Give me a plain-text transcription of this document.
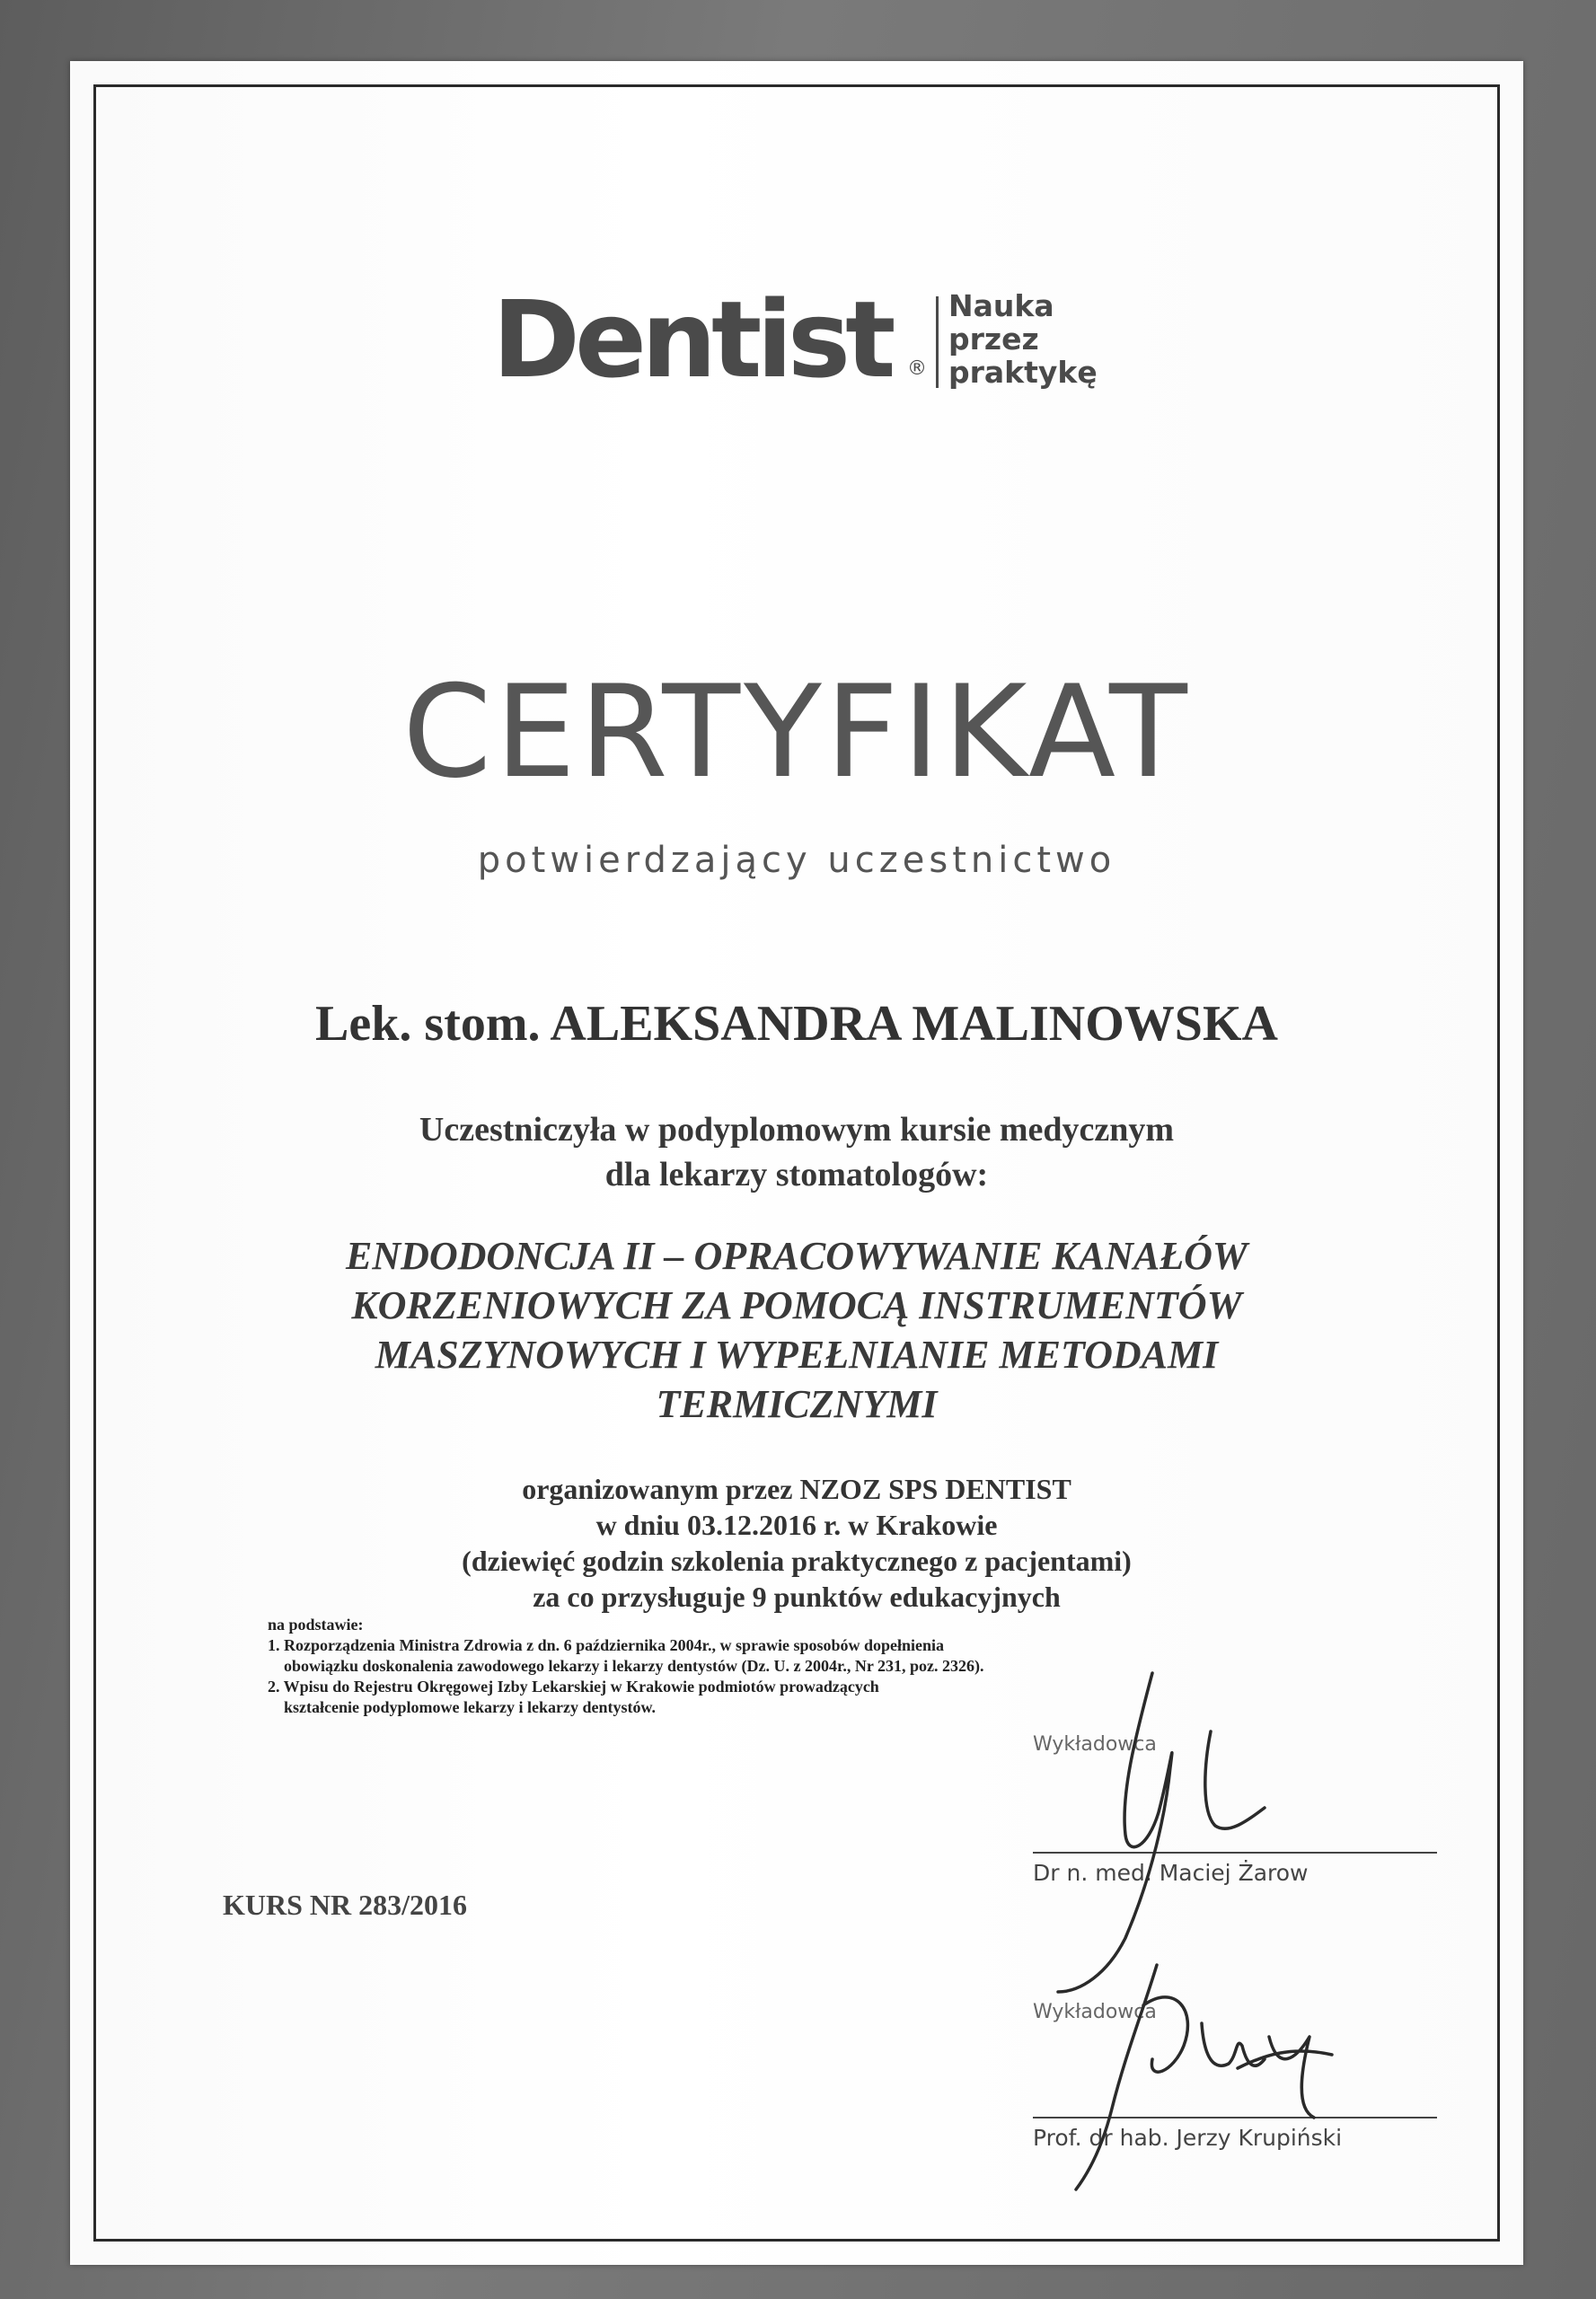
Dentist ®
Nauka
przez
praktykę
CERTYFIKAT
potwierdzający uczestnictwo
Lek. stom. ALEKSANDRA MALINOWSKA
Uczestniczyła w podyplomowym kursie medycznym
dla lekarzy stomatologów:
ENDODONCJA II – OPRACOWYWANIE KANAŁÓW
KORZENIOWYCH ZA POMOCĄ INSTRUMENTÓW
MASZYNOWYCH I WYPEŁNIANIE METODAMI
TERMICZNYMI
organizowanym przez NZOZ SPS DENTIST
w dniu 03.12.2016 r. w Krakowie
(dziewięć godzin szkolenia praktycznego z pacjentami)
za co przysługuje 9 punktów edukacyjnych
na podstawie:
1. Rozporządzenia Ministra Zdrowia z dn. 6 października 2004r., w sprawie sposobów dopełnienia
obowiązku doskonalenia zawodowego lekarzy i lekarzy dentystów (Dz. U. z 2004r., Nr 231, poz. 2326).
2. Wpisu do Rejestru Okręgowej Izby Lekarskiej w Krakowie podmiotów prowadzących
kształcenie podyplomowe lekarzy i lekarzy dentystów.
KURS NR 283/2016
Wykładowca
Dr n. med. Maciej Żarow
Wykładowca
Prof. dr hab. Jerzy Krupiński
